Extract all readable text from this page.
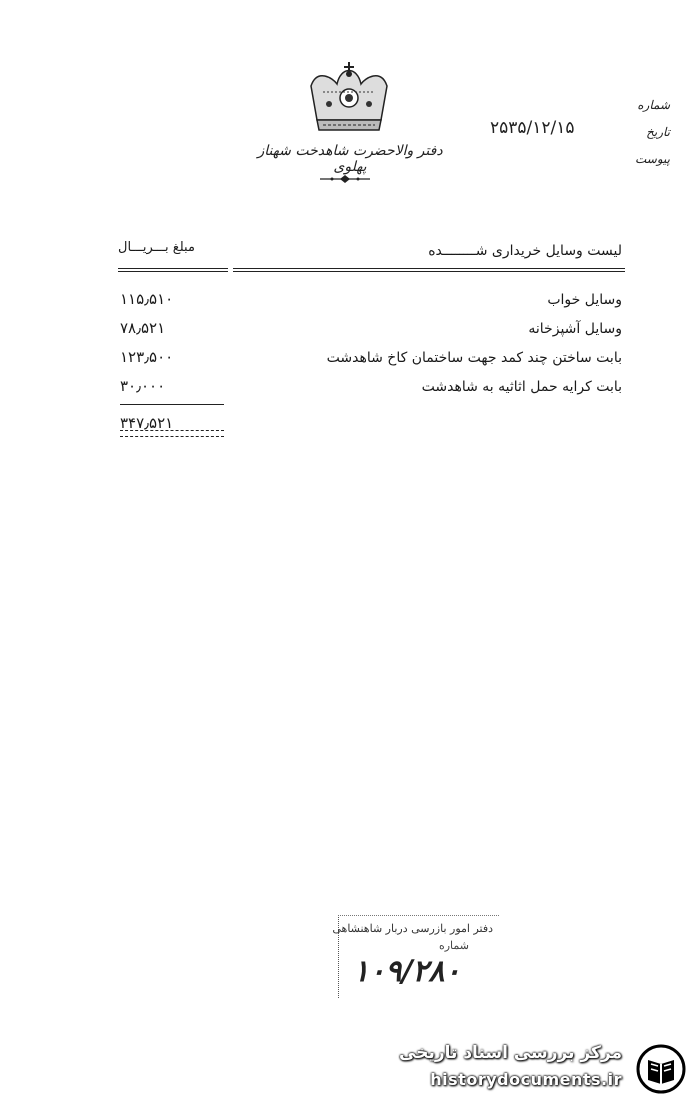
دفتر والاحضرت شاهدخت شهناز پهلوی
شماره
تاریخ
پیوست
۲۵۳۵/۱۲/۱۵
لیست وسایل خریداری شــــــــده
مبلغ بـــریـــال
وسایل خواب
۱۱۵٫۵۱۰
وسایل آشپزخانه
۷۸٫۵۲۱
بابت ساختن چند کمد جهت ساختمان کاخ شاهدشت
۱۲۳٫۵۰۰
بابت کرایه حمل اثاثیه به شاهدشت
۳۰٫۰۰۰
۳۴۷٫۵۲۱
دفتر امور بازرسی دربار شاهنشاهی
شماره
۱۰۹/۲۸۰
مرکز بررسی اسناد تاریخی
historydocuments.ir
